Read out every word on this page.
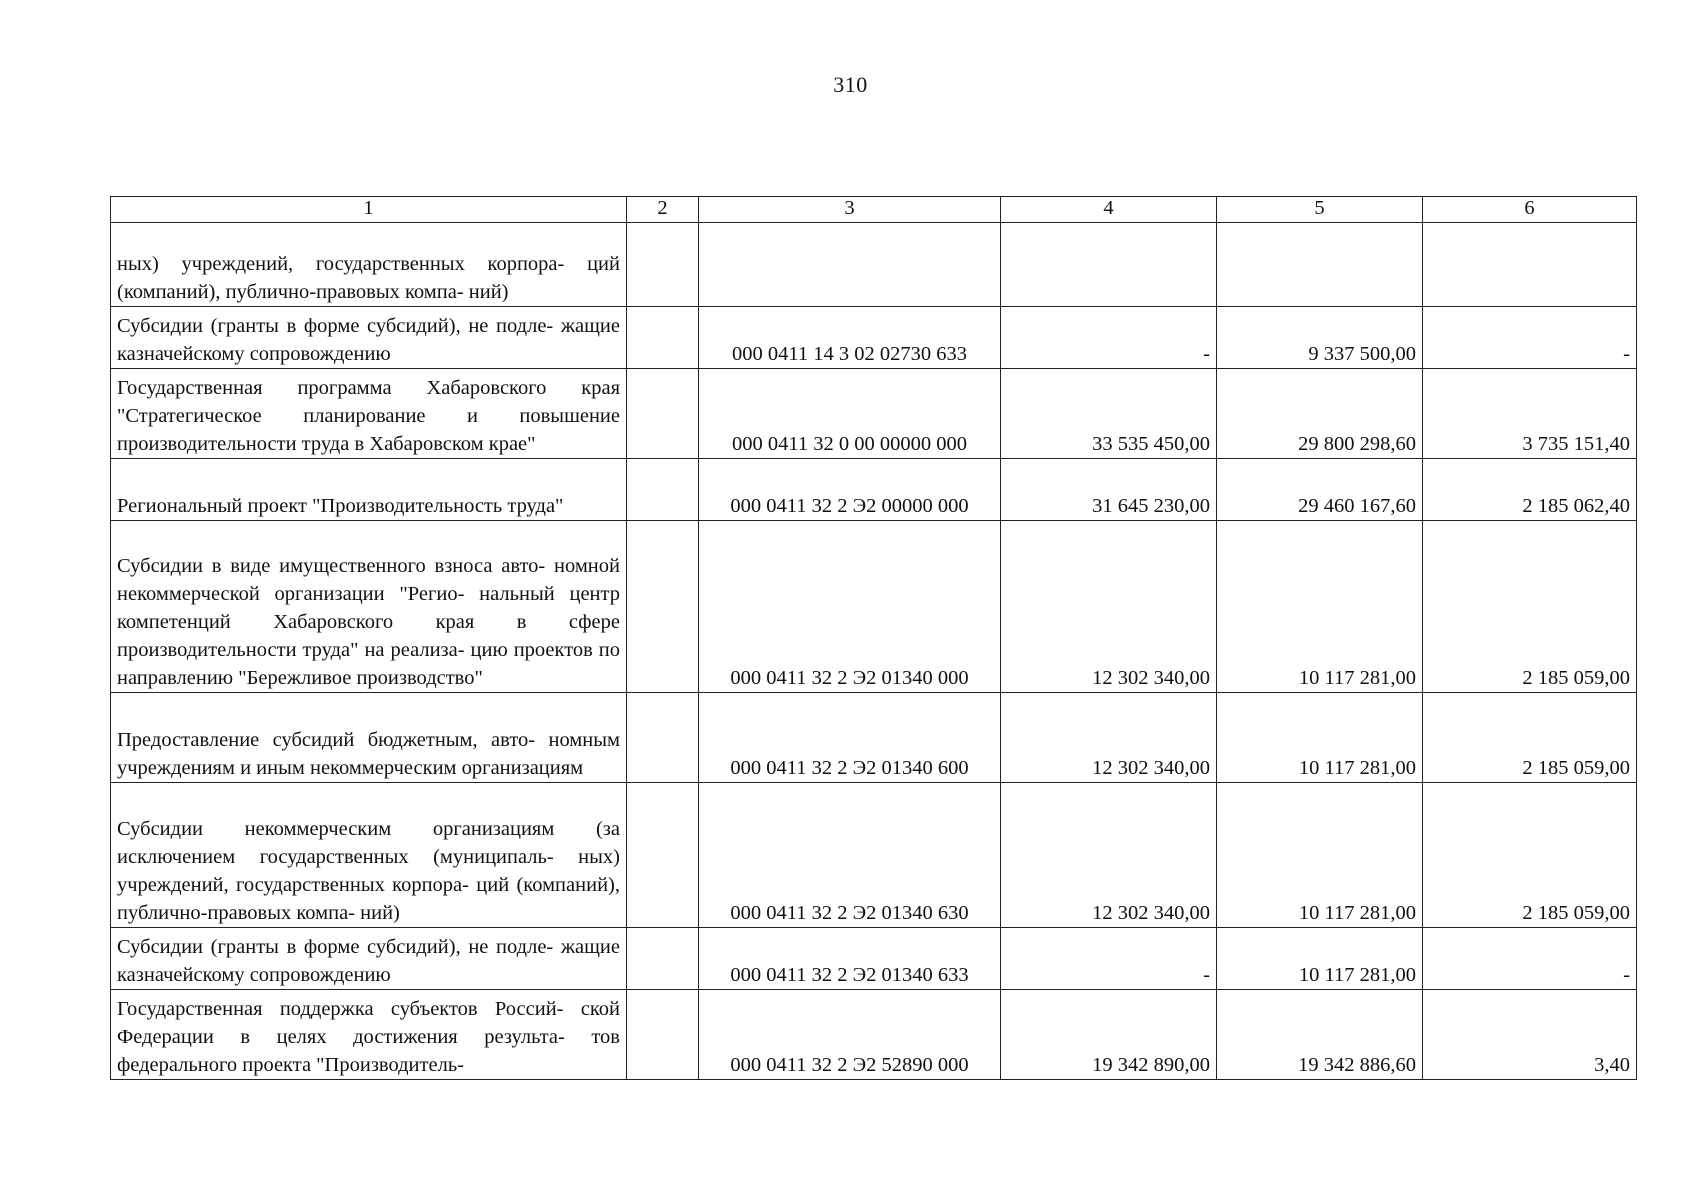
310
1	2	3	4	5	6
ных) учреждений, государственных корпора- ций (компаний), публично-правовых компа- ний)					
Субсидии (гранты в форме субсидий), не подле- жащие казначейскому сопровождению		000 0411 14 3 02 02730 633	-	9 337 500,00	-
Государственная программа Хабаровского края "Стратегическое планирование и повышение производительности труда в Хабаровском крае"		000 0411 32 0 00 00000 000	33 535 450,00	29 800 298,60	3 735 151,40
Региональный проект "Производительность труда"		000 0411 32 2 Э2 00000 000	31 645 230,00	29 460 167,60	2 185 062,40
Субсидии в виде имущественного взноса авто- номной некоммерческой организации "Регио- нальный центр компетенций Хабаровского края в сфере производительности труда" на реализа- цию проектов по направлению "Бережливое производство"		000 0411 32 2 Э2 01340 000	12 302 340,00	10 117 281,00	2 185 059,00
Предоставление субсидий бюджетным, авто- номным учреждениям и иным некоммерческим организациям		000 0411 32 2 Э2 01340 600	12 302 340,00	10 117 281,00	2 185 059,00
Субсидии некоммерческим организациям (за исключением государственных (муниципаль- ных) учреждений, государственных корпора- ций (компаний), публично-правовых компа- ний)		000 0411 32 2 Э2 01340 630	12 302 340,00	10 117 281,00	2 185 059,00
Субсидии (гранты в форме субсидий), не подле- жащие казначейскому сопровождению		000 0411 32 2 Э2 01340 633	-	10 117 281,00	-
Государственная поддержка субъектов Россий- ской Федерации в целях достижения результа- тов федерального проекта "Производитель-		000 0411 32 2 Э2 52890 000	19 342 890,00	19 342 886,60	3,40
